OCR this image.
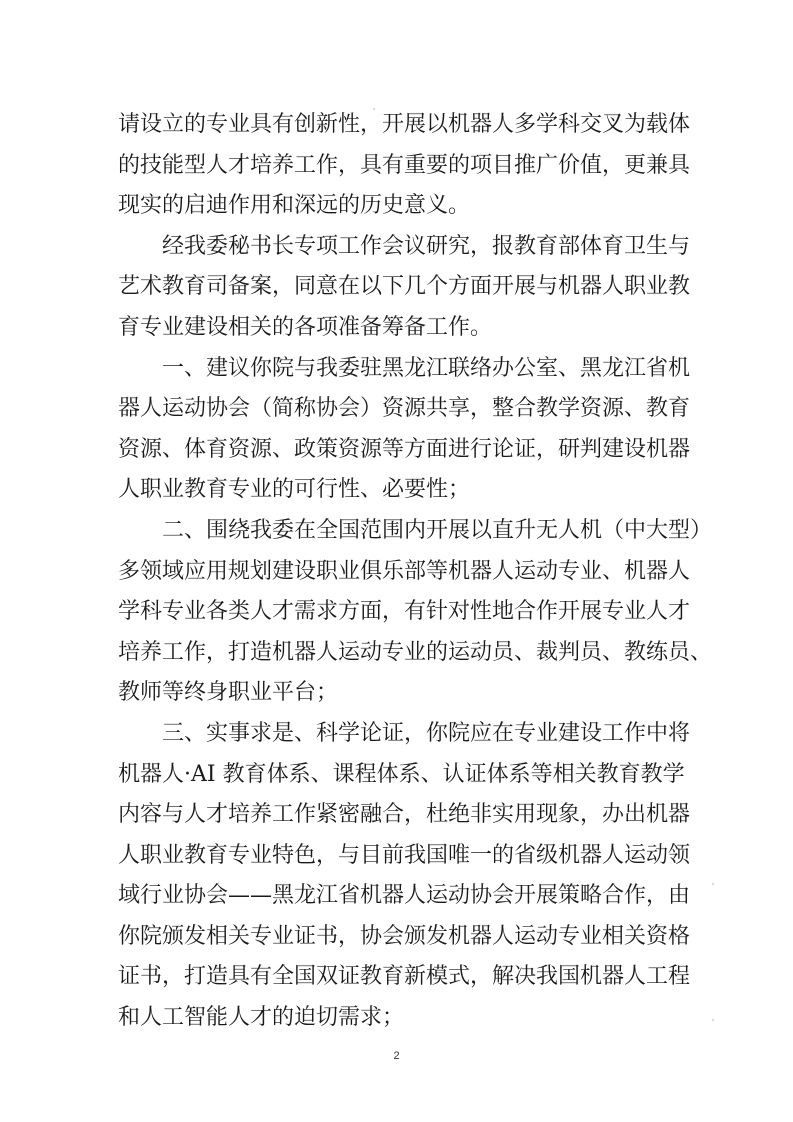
请设立的专业具有创新性，开展以机器人多学科交叉为载体
的技能型人才培养工作，具有重要的项目推广价值，更兼具
现实的启迪作用和深远的历史意义。
经我委秘书长专项工作会议研究，报教育部体育卫生与
艺术教育司备案，同意在以下几个方面开展与机器人职业教
育专业建设相关的各项准备筹备工作。
一、建议你院与我委驻黑龙江联络办公室、黑龙江省机
器人运动协会（简称协会）资源共享，整合教学资源、教育
资源、体育资源、政策资源等方面进行论证，研判建设机器
人职业教育专业的可行性、必要性；
二、围绕我委在全国范围内开展以直升无人机（中大型）
多领域应用规划建设职业俱乐部等机器人运动专业、机器人
学科专业各类人才需求方面，有针对性地合作开展专业人才
培养工作，打造机器人运动专业的运动员、裁判员、教练员、
教师等终身职业平台；
三、实事求是、科学论证，你院应在专业建设工作中将
机器人·AI 教育体系、课程体系、认证体系等相关教育教学
内容与人才培养工作紧密融合，杜绝非实用现象，办出机器
人职业教育专业特色，与目前我国唯一的省级机器人运动领
域行业协会——黑龙江省机器人运动协会开展策略合作，由
你院颁发相关专业证书，协会颁发机器人运动专业相关资格
证书，打造具有全国双证教育新模式，解决我国机器人工程
和人工智能人才的迫切需求；
2
